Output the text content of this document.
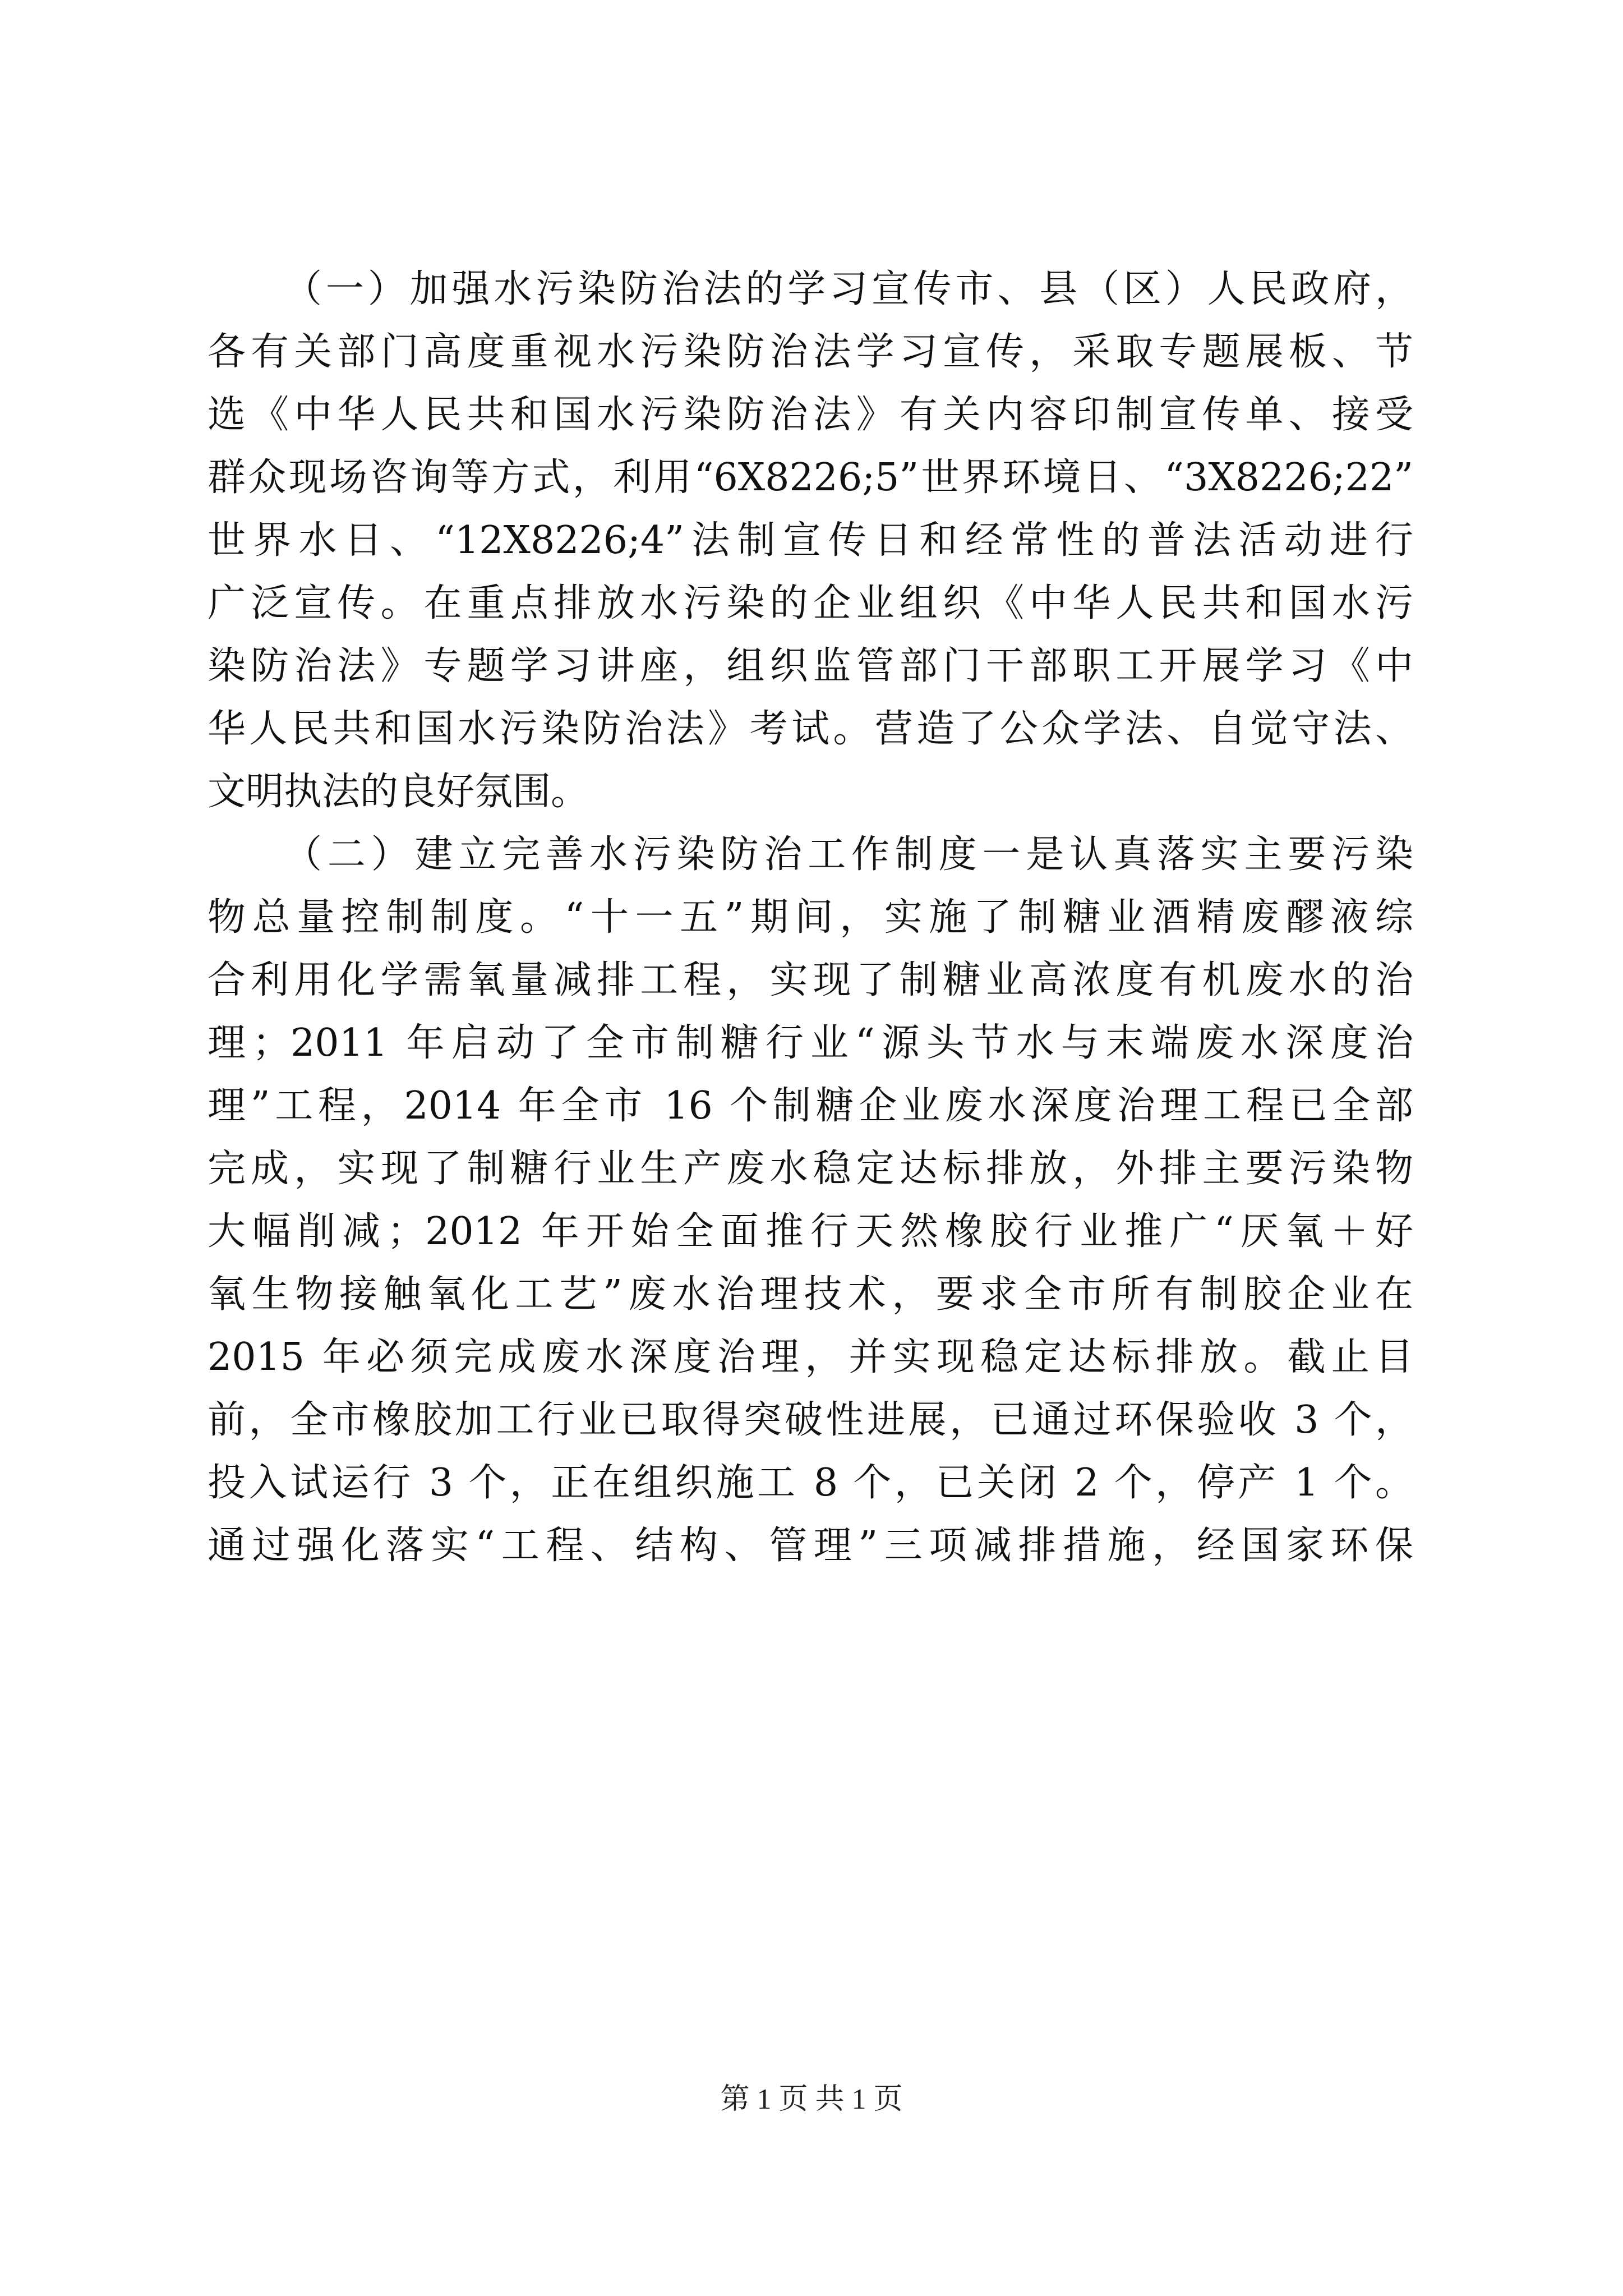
（一）加强水污染防治法的学习宣传市、县（区）人民政府，
各有关部门高度重视水污染防治法学习宣传，采取专题展板、节
选《中华人民共和国水污染防治法》有关内容印制宣传单、接受
群众现场咨询等方式，利用“6X8226;5”世界环境日、“3X8226;22”
世界水日、“12X8226;4”法制宣传日和经常性的普法活动进行
广泛宣传。在重点排放水污染的企业组织《中华人民共和国水污
染防治法》专题学习讲座，组织监管部门干部职工开展学习《中
华人民共和国水污染防治法》考试。营造了公众学法、自觉守法、
文明执法的良好氛围。
（二）建立完善水污染防治工作制度一是认真落实主要污染
物总量控制制度。“十一五”期间，实施了制糖业酒精废醪液综
合利用化学需氧量减排工程，实现了制糖业高浓度有机废水的治
理；2011 年启动了全市制糖行业“源头节水与末端废水深度治
理”工程，2014 年全市 16 个制糖企业废水深度治理工程已全部
完成，实现了制糖行业生产废水稳定达标排放，外排主要污染物
大幅削减；2012 年开始全面推行天然橡胶行业推广“厌氧＋好
氧生物接触氧化工艺”废水治理技术，要求全市所有制胶企业在
2015 年必须完成废水深度治理，并实现稳定达标排放。截止目
前，全市橡胶加工行业已取得突破性进展，已通过环保验收 3 个，
投入试运行 3 个，正在组织施工 8 个，已关闭 2 个，停产 1 个。
通过强化落实“工程、结构、管理”三项减排措施，经国家环保
第 1 页 共 1 页
